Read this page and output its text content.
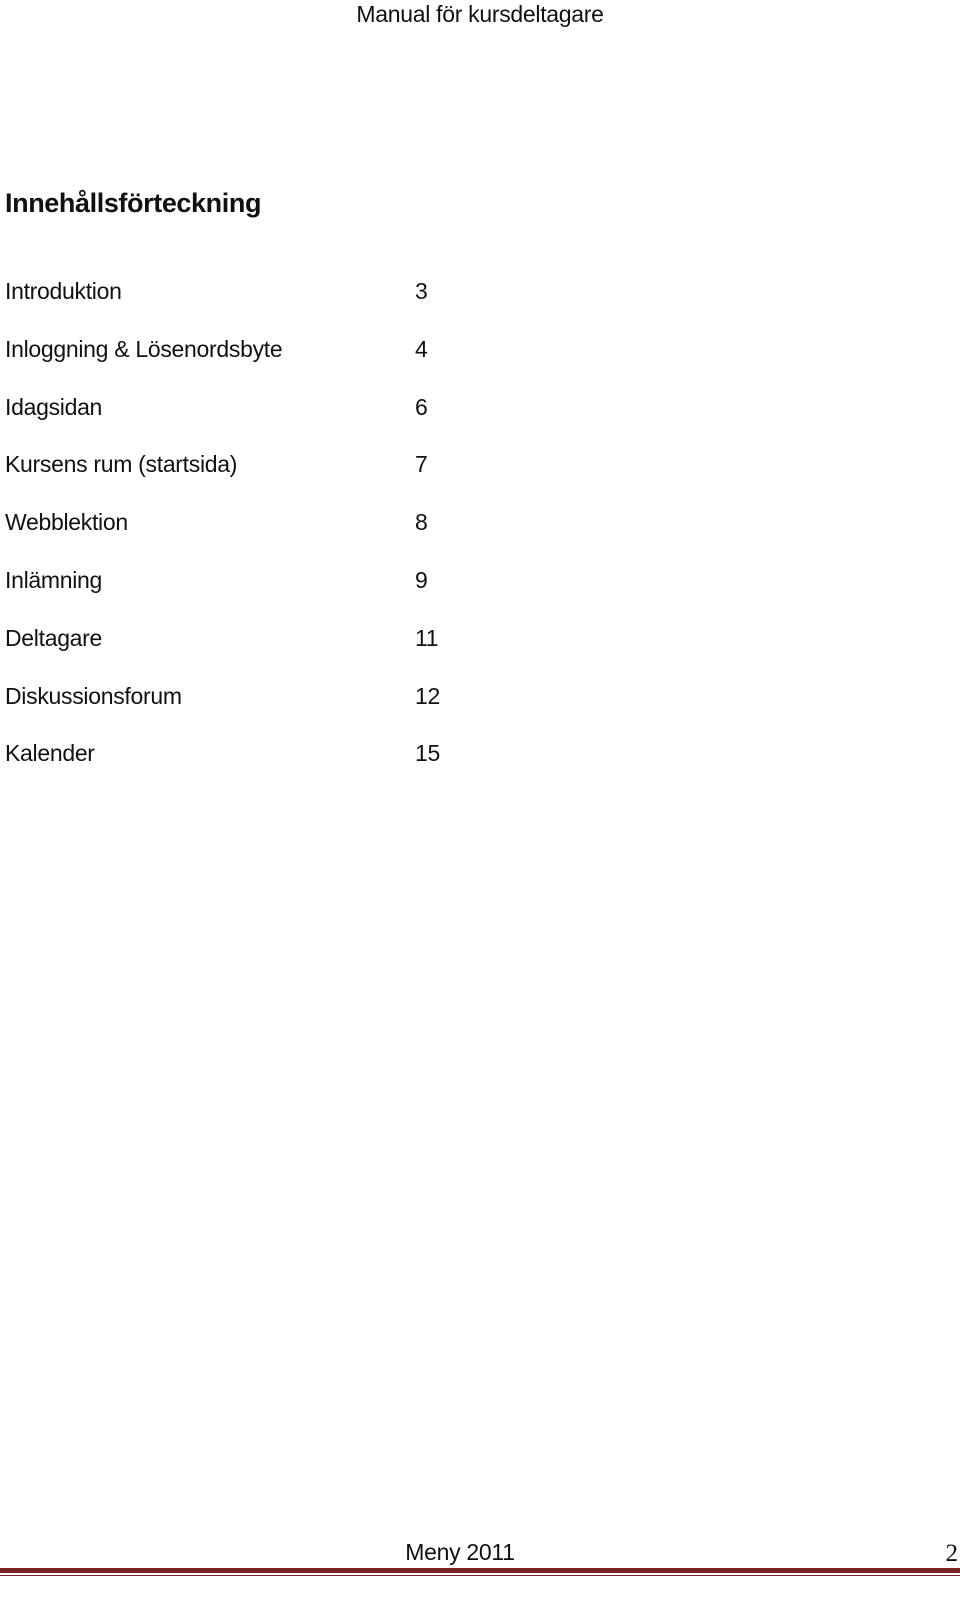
Manual för kursdeltagare
Innehållsförteckning
Introduktion	3
Inloggning & Lösenordsbyte	4
Idagsidan	6
Kursens rum (startsida)	7
Webblektion	8
Inlämning	9
Deltagare	11
Diskussionsforum	12
Kalender	15
Meny 2011	2
